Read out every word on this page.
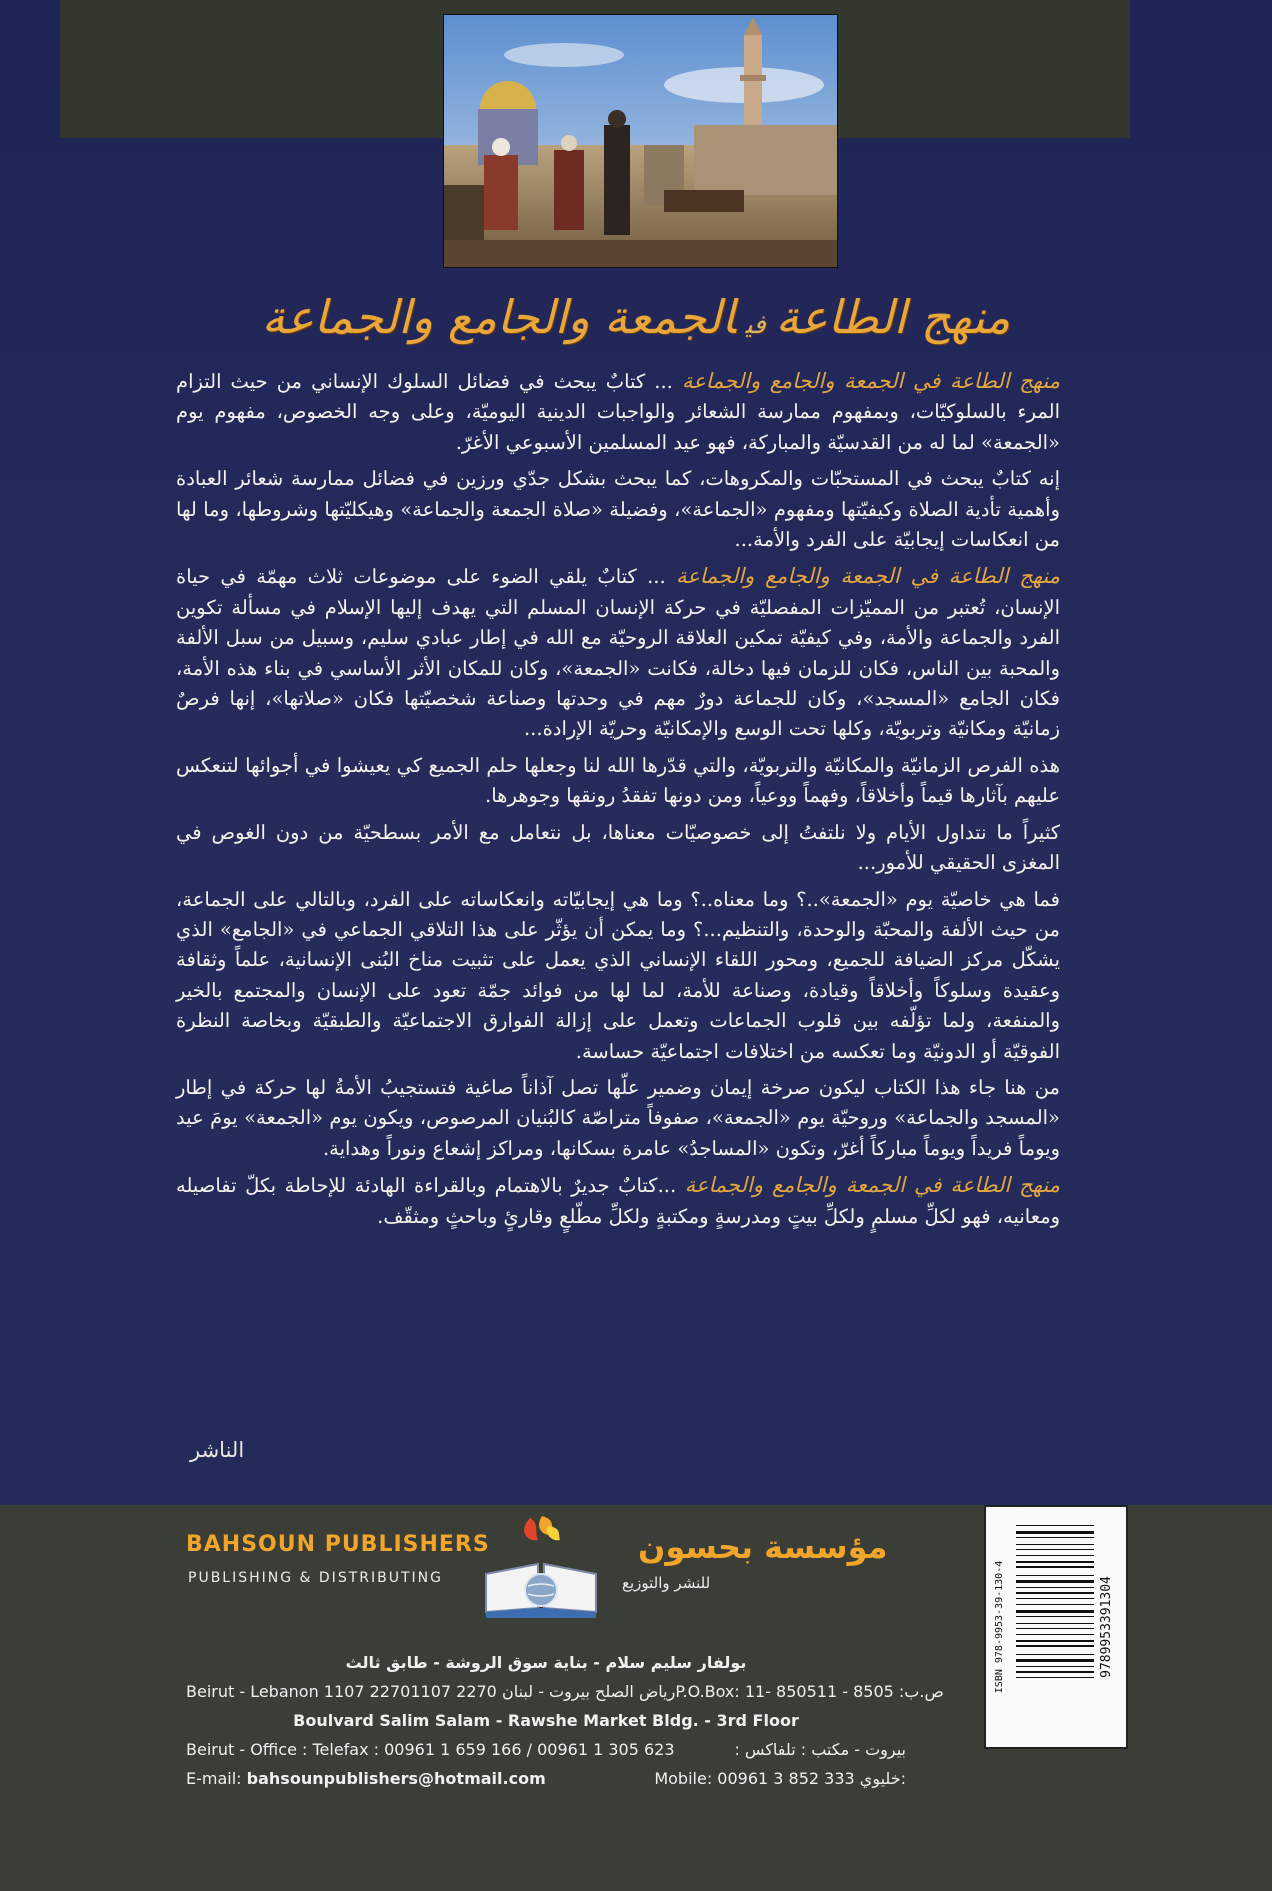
منهج الطاعةفيالجمعة والجامع والجماعة

منهج الطاعة في الجمعة والجامع والجماعة ... كتابٌ يبحث في فضائل السلوك الإنساني من حيث التزام المرء بالسلوكيّات، وبمفهوم ممارسة الشعائر والواجبات الدينية اليوميّة، وعلى وجه الخصوص، مفهوم يوم «الجمعة» لما له من القدسيّة والمباركة، فهو عيد المسلمين الأسبوعي الأغرّ.

إنه كتابٌ يبحث في المستحبّات والمكروهات، كما يبحث بشكل جدّي ورزين في فضائل ممارسة شعائر العبادة وأهمية تأدية الصلاة وكيفيّتها ومفهوم «الجماعة»، وفضيلة «صلاة الجمعة والجماعة» وهيكليّتها وشروطها، وما لها من انعكاسات إيجابيّة على الفرد والأمة...

منهج الطاعة في الجمعة والجامع والجماعة ... كتابٌ يلقي الضوء على موضوعات ثلاث مهمّة في حياة الإنسان، تُعتبر من المميّزات المفصليّة في حركة الإنسان المسلم التي يهدف إليها الإسلام في مسألة تكوين الفرد والجماعة والأمة، وفي كيفيّة تمكين العلاقة الروحيّة مع الله في إطار عبادي سليم، وسبيل من سبل الألفة والمحبة بين الناس، فكان للزمان فيها دخالة، فكانت «الجمعة»، وكان للمكان الأثر الأساسي في بناء هذه الأمة، فكان الجامع «المسجد»، وكان للجماعة دورٌ مهم في وحدتها وصناعة شخصيّتها فكان «صلاتها»، إنها فرصٌ زمانيّة ومكانيّة وتربويّة، وكلها تحت الوسع والإمكانيّة وحريّة الإرادة...

هذه الفرص الزمانيّة والمكانيّة والتربويّة، والتي قدّرها الله لنا وجعلها حلم الجميع كي يعيشوا في أجوائها لتنعكس عليهم بآثارها قيماً وأخلاقاً، وفهماً ووعياً، ومن دونها تفقدُ رونقها وجوهرها.

كثيراً ما نتداول الأيام ولا نلتفتُ إلى خصوصيّات معناها، بل نتعامل مع الأمر بسطحيّة من دون الغوص في المغزى الحقيقي للأمور...

فما هي خاصيّة يوم «الجمعة»..؟ وما معناه..؟ وما هي إيجابيّاته وانعكاساته على الفرد، وبالتالي على الجماعة، من حيث الألفة والمحبّة والوحدة، والتنظيم...؟ وما يمكن أن يؤثّر على هذا التلاقي الجماعي في «الجامع» الذي يشكّل مركز الضيافة للجميع، ومحور اللقاء الإنساني الذي يعمل على تثبيت مناخ البُنى الإنسانية، علماً وثقافة وعقيدة وسلوكاً وأخلاقاً وقيادة، وصناعة للأمة، لما لها من فوائد جمّة تعود على الإنسان والمجتمع بالخير والمنفعة، ولما تؤلّفه بين قلوب الجماعات وتعمل على إزالة الفوارق الاجتماعيّة والطبقيّة وبخاصة النظرة الفوقيّة أو الدونيّة وما تعكسه من اختلافات اجتماعيّة حساسة.

من هنا جاء هذا الكتاب ليكون صرخة إيمان وضمير علّها تصل آذاناً صاغية فتستجيبُ الأمةُ لها حركة في إطار «المسجد والجماعة» وروحيّة يوم «الجمعة»، صفوفاً متراصّة كالبُنيان المرصوص، ويكون يوم «الجمعة» يومَ عيد ويوماً فريداً ويوماً مباركاً أغرّ، وتكون «المساجدُ» عامرة بسكانها، ومراكز إشعاع ونوراً وهداية.

منهج الطاعة في الجمعة والجامع والجماعة ...كتابٌ جديرٌ بالاهتمام وبالقراءة الهادئة للإحاطة بكلّ تفاصيله ومعانيه، فهو لكلِّ مسلمٍ ولكلِّ بيتٍ ومدرسةٍ ومكتبةٍ ولكلِّ مطّلعٍ وقارئٍ وباحثٍ ومثقّف.

الناشر
BAHSOUN PUBLISHERS
PUBLISHING & DISTRIBUTING
مؤسسة بحسون
للنشر والتوزيع
بولفار سليم سلام - بناية سوق الروشة - طابق ثالث
Beirut - Lebanon 1107 2270 رياض الصلح بيروت - لبنان 2270 1107 P.O.Box: 11- 8505 ص.ب: 8505 - 11
Boulvard Salim Salam - Rawshe Market Bldg. - 3rd Floor
Beirut - Office : Telefax : 00961 1 659 166 / 00961 1 305 623	بيروت - مكتب : تلفاكس :
E-mail: bahsounpublishers@hotmail.com	Mobile: 00961 3 852 333 خليوي:
ISBN 978-9953-39-130-4	9789953391304
